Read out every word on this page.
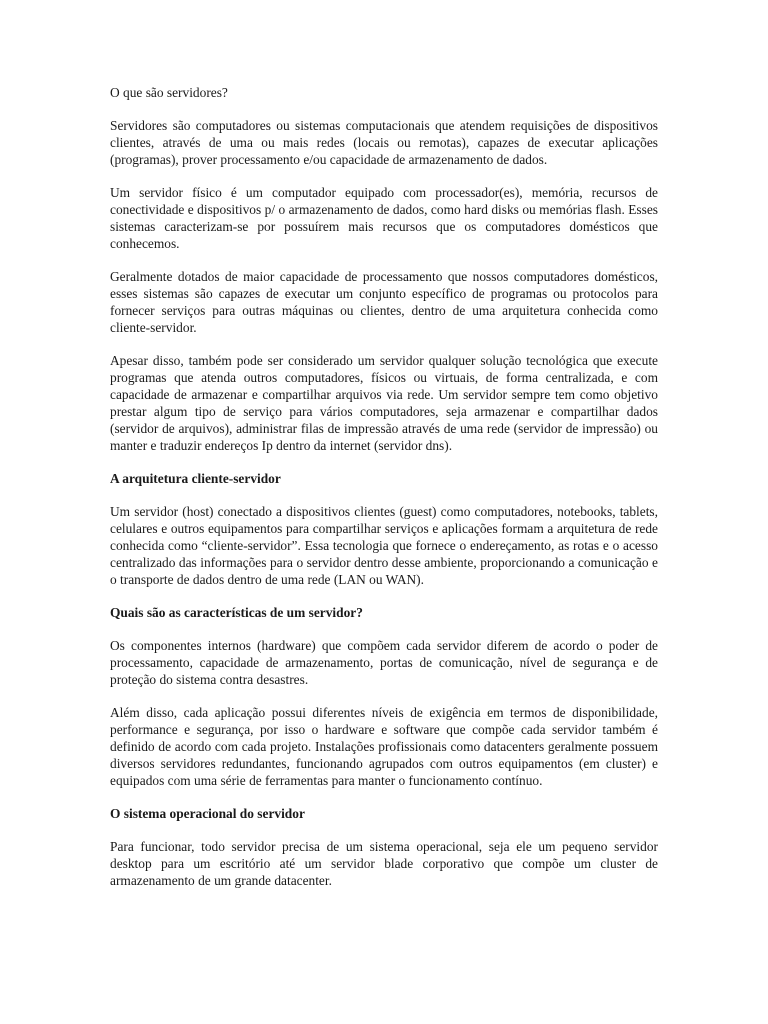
O que são servidores?

Servidores são computadores ou sistemas computacionais que atendem requisições de dispositivos clientes, através de uma ou mais redes (locais ou remotas), capazes de executar aplicações (programas), prover processamento e/ou capacidade de armazenamento de dados.

Um servidor físico é um computador equipado com processador(es), memória, recursos de conectividade e dispositivos p/ o armazenamento de dados, como hard disks ou memórias flash. Esses sistemas caracterizam-se por possuírem mais recursos que os computadores domésticos que conhecemos.

Geralmente dotados de maior capacidade de processamento que nossos computadores domésticos, esses sistemas são capazes de executar um conjunto específico de programas ou protocolos para fornecer serviços para outras máquinas ou clientes, dentro de uma arquitetura conhecida como cliente-servidor.

Apesar disso, também pode ser considerado um servidor qualquer solução tecnológica que execute programas que atenda outros computadores, físicos ou virtuais, de forma centralizada, e com capacidade de armazenar e compartilhar arquivos via rede. Um servidor sempre tem como objetivo prestar algum tipo de serviço para vários computadores, seja armazenar e compartilhar dados (servidor de arquivos), administrar filas de impressão através de uma rede (servidor de impressão) ou manter e traduzir endereços Ip dentro da internet (servidor dns).

A arquitetura cliente-servidor

Um servidor (host) conectado a dispositivos clientes (guest) como computadores, notebooks, tablets, celulares e outros equipamentos para compartilhar serviços e aplicações formam a arquitetura de rede conhecida como “cliente-servidor”. Essa tecnologia que fornece o endereçamento, as rotas e o acesso centralizado das informações para o servidor dentro desse ambiente, proporcionando a comunicação e o transporte de dados dentro de uma rede (LAN ou WAN).

Quais são as características de um servidor?

Os componentes internos (hardware) que compõem cada servidor diferem de acordo o poder de processamento, capacidade de armazenamento, portas de comunicação, nível de segurança e de proteção do sistema contra desastres.

Além disso, cada aplicação possui diferentes níveis de exigência em termos de disponibilidade, performance e segurança, por isso o hardware e software que compõe cada servidor também é definido de acordo com cada projeto. Instalações profissionais como datacenters geralmente possuem diversos servidores redundantes, funcionando agrupados com outros equipamentos (em cluster) e equipados com uma série de ferramentas para manter o funcionamento contínuo.

O sistema operacional do servidor

Para funcionar, todo servidor precisa de um sistema operacional, seja ele um pequeno servidor desktop para um escritório até um servidor blade corporativo que compõe um cluster de armazenamento de um grande datacenter.
